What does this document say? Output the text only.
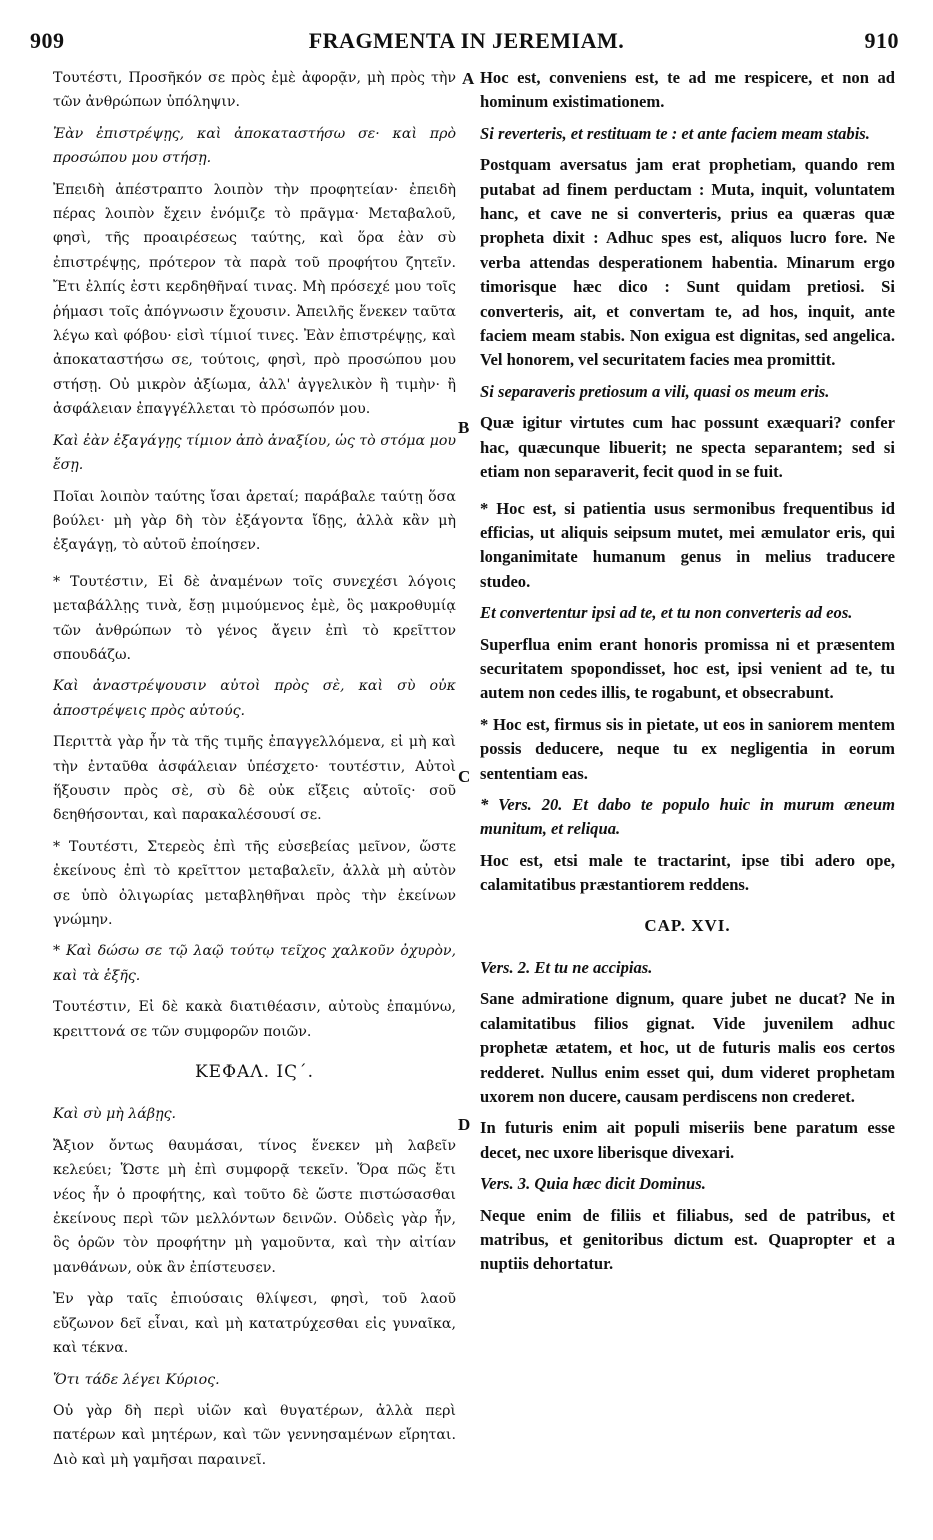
909	FRAGMENTA IN JEREMIAM.	910
A
B
C
D

Τουτέστι, Προσῆκόν σε πρὸς ἐμὲ ἀφορᾷν, μὴ πρὸς τὴν τῶν ἀνθρώπων ὑπόληψιν.

Ἐὰν ἐπιστρέψῃς, καὶ ἀποκαταστήσω σε· καὶ πρὸ προσώπου μου στήσῃ.

Ἐπειδὴ ἀπέστραπτο λοιπὸν τὴν προφητείαν· ἐπειδὴ πέρας λοιπὸν ἔχειν ἐνόμιζε τὸ πρᾶγμα· Μεταβαλοῦ, φησὶ, τῆς προαιρέσεως ταύτης, καὶ ὅρα ἐὰν σὺ ἐπιστρέψῃς, πρότερον τὰ παρὰ τοῦ προφήτου ζητεῖν. Ἔτι ἐλπίς ἐστι κερδηθῆναί τινας. Μὴ πρόσεχέ μου τοῖς ῥήμασι τοῖς ἀπόγνωσιν ἔχουσιν. Ἀπειλῆς ἕνεκεν ταῦτα λέγω καὶ φόβου· εἰσὶ τίμιοί τινες. Ἐὰν ἐπιστρέψῃς, καὶ ἀποκαταστήσω σε, τούτοις, φησὶ, πρὸ προσώπου μου στήσῃ. Οὐ μικρὸν ἀξίωμα, ἀλλ' ἀγγελικὸν ἢ τιμὴν· ἢ ἀσφάλειαν ἐπαγγέλλεται τὸ πρόσωπόν μου.

Καὶ ἐὰν ἐξαγάγῃς τίμιον ἀπὸ ἀναξίου, ὡς τὸ στόμα μου ἔσῃ.

Ποῖαι λοιπὸν ταύτης ἴσαι ἀρεταί; παράβαλε ταύτῃ ὅσα βούλει· μὴ γὰρ δὴ τὸν ἐξάγοντα ἴδῃς, ἀλλὰ κἂν μὴ ἐξαγάγῃ, τὸ αὐτοῦ ἐποίησεν.

* Τουτέστιν, Εἰ δὲ ἀναμένων τοῖς συνεχέσι λόγοις μεταβάλλῃς τινὰ, ἔσῃ μιμούμενος ἐμὲ, ὃς μακροθυμίᾳ τῶν ἀνθρώπων τὸ γένος ἄγειν ἐπὶ τὸ κρεῖττον σπουδάζω.

Καὶ ἀναστρέψουσιν αὐτοὶ πρὸς σὲ, καὶ σὺ οὐκ ἀποστρέψεις πρὸς αὐτούς.

Περιττὰ γὰρ ἦν τὰ τῆς τιμῆς ἐπαγγελλόμενα, εἰ μὴ καὶ τὴν ἐνταῦθα ἀσφάλειαν ὑπέσχετο· τουτέστιν, Αὐτοὶ ἥξουσιν πρὸς σὲ, σὺ δὲ οὐκ εἴξεις αὐτοῖς· σοῦ δεηθήσονται, καὶ παρακαλέσουσί σε.

* Τουτέστι, Στερεὸς ἐπὶ τῆς εὐσεβείας μεῖνον, ὥστε ἐκείνους ἐπὶ τὸ κρεῖττον μεταβαλεῖν, ἀλλὰ μὴ αὐτὸν σε ὑπὸ ὀλιγωρίας μεταβληθῆναι πρὸς τὴν ἐκείνων γνώμην.

* Καὶ δώσω σε τῷ λαῷ τούτῳ τεῖχος χαλκοῦν ὀχυρὸν, καὶ τὰ ἑξῆς.

Τουτέστιν, Εἰ δὲ κακὰ διατιθέασιν, αὐτοὺς ἐπαμύνω, κρειττονά σε τῶν συμφορῶν ποιῶν.

ΚΕΦΑΛ. ΙϚ΄.

Καὶ σὺ μὴ λάβῃς.

Ἄξιον ὄντως θαυμάσαι, τίνος ἕνεκεν μὴ λαβεῖν κελεύει; Ὥστε μὴ ἐπὶ συμφορᾷ τεκεῖν. Ὅρα πῶς ἔτι νέος ἦν ὁ προφήτης, καὶ τοῦτο δὲ ὥστε πιστώσασθαι ἐκείνους περὶ τῶν μελλόντων δεινῶν. Οὐδεὶς γὰρ ἦν, ὃς ὁρῶν τὸν προφήτην μὴ γαμοῦντα, καὶ τὴν αἰτίαν μανθάνων, οὐκ ἂν ἐπίστευσεν.

Ἐν γὰρ ταῖς ἐπιούσαις θλίψεσι, φησὶ, τοῦ λαοῦ εὔζωνον δεῖ εἶναι, καὶ μὴ κατατρύχεσθαι εἰς γυναῖκα, καὶ τέκνα.

Ὅτι τάδε λέγει Κύριος.

Οὐ γὰρ δὴ περὶ υἱῶν καὶ θυγατέρων, ἀλλὰ περὶ πατέρων καὶ μητέρων, καὶ τῶν γεννησαμένων εἴρηται. Διὸ καὶ μὴ γαμῆσαι παραινεῖ.

Hoc est, conveniens est, te ad me respicere, et non ad hominum existimationem.

Si reverteris, et restituam te : et ante faciem meam stabis.

Postquam aversatus jam erat prophetiam, quando rem putabat ad finem perductam : Muta, inquit, voluntatem hanc, et cave ne si converteris, prius ea quæras quæ propheta dixit : Adhuc spes est, aliquos lucro fore. Ne verba attendas desperationem habentia. Minarum ergo timorisque hæc dico : Sunt quidam pretiosi. Si converteris, ait, et convertam te, ad hos, inquit, ante faciem meam stabis. Non exigua est dignitas, sed angelica. Vel honorem, vel securitatem facies mea promittit.

Si separaveris pretiosum a vili, quasi os meum eris.

Quæ igitur virtutes cum hac possunt exæquari? confer hac, quæcunque libuerit; ne specta separantem; sed si etiam non separaverit, fecit quod in se fuit.

* Hoc est, si patientia usus sermonibus frequentibus id efficias, ut aliquis seipsum mutet, mei æmulator eris, qui longanimitate humanum genus in melius traducere studeo.

Et convertentur ipsi ad te, et tu non converteris ad eos.

Superflua enim erant honoris promissa ni et præsentem securitatem spopondisset, hoc est, ipsi venient ad te, tu autem non cedes illis, te rogabunt, et obsecrabunt.

* Hoc est, firmus sis in pietate, ut eos in saniorem mentem possis deducere, neque tu ex negligentia in eorum sententiam eas.

* Vers. 20. Et dabo te populo huic in murum æneum munitum, et reliqua.

Hoc est, etsi male te tractarint, ipse tibi adero ope, calamitatibus præstantiorem reddens.

CAP. XVI.

Vers. 2. Et tu ne accipias.

Sane admiratione dignum, quare jubet ne ducat? Ne in calamitatibus filios gignat. Vide juvenilem adhuc prophetæ ætatem, et hoc, ut de futuris malis eos certos redderet. Nullus enim esset qui, dum videret prophetam uxorem non ducere, causam perdiscens non crederet.

In futuris enim ait populi miseriis bene paratum esse decet, nec uxore liberisque divexari.

Vers. 3. Quia hæc dicit Dominus.

Neque enim de filiis et filiabus, sed de patribus, et matribus, et genitoribus dictum est. Quapropter et a nuptiis dehortatur.
